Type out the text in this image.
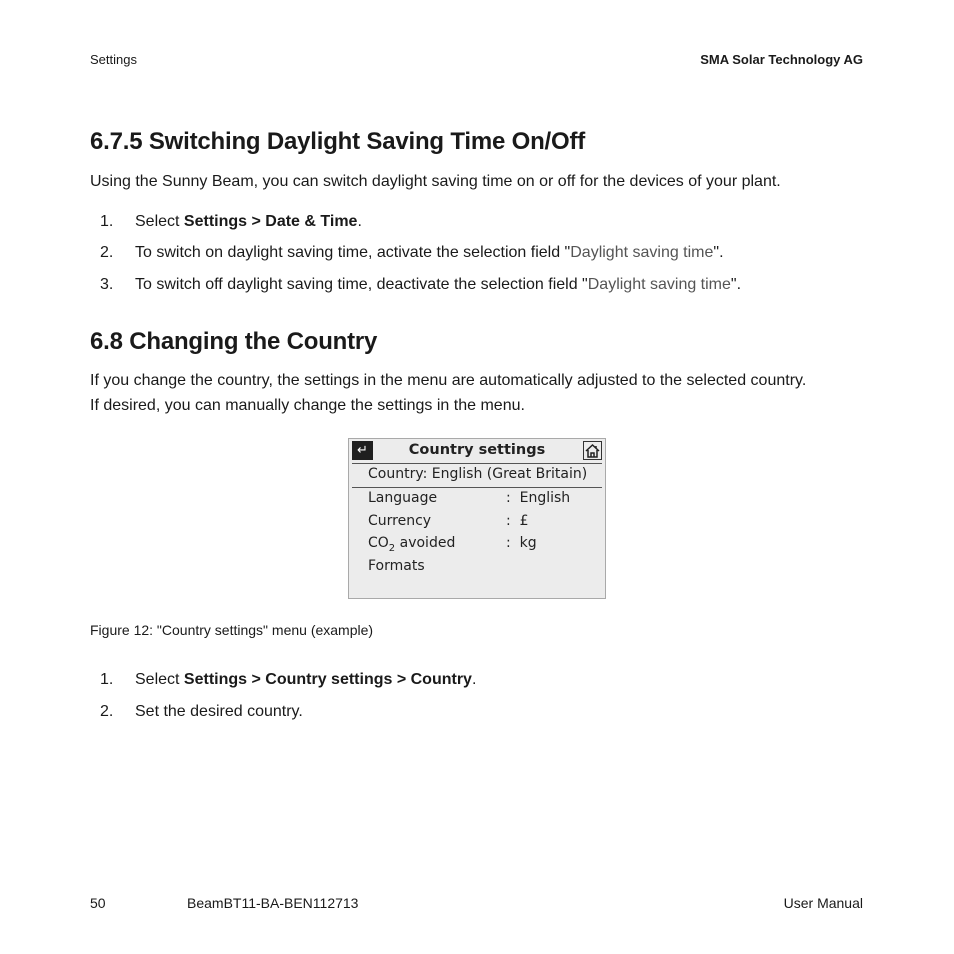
Settings	SMA Solar Technology AG
6.7.5 Switching Daylight Saving Time On/Off
Using the Sunny Beam, you can switch daylight saving time on or off for the devices of your plant.
1. Select Settings > Date & Time.
2. To switch on daylight saving time, activate the selection field "Daylight saving time".
3. To switch off daylight saving time, deactivate the selection field "Daylight saving time".
6.8 Changing the Country
If you change the country, the settings in the menu are automatically adjusted to the selected country.
If desired, you can manually change the settings in the menu.
↵	Country settings
Country: English (Great Britain)
Language	: English
Currency	: £
$CO_2$ avoided	: kg
Formats
Figure 12: "Country settings" menu (example)
1. Select Settings > Country settings > Country.
2. Set the desired country.
50	BeamBT11-BA-BEN112713	User Manual
